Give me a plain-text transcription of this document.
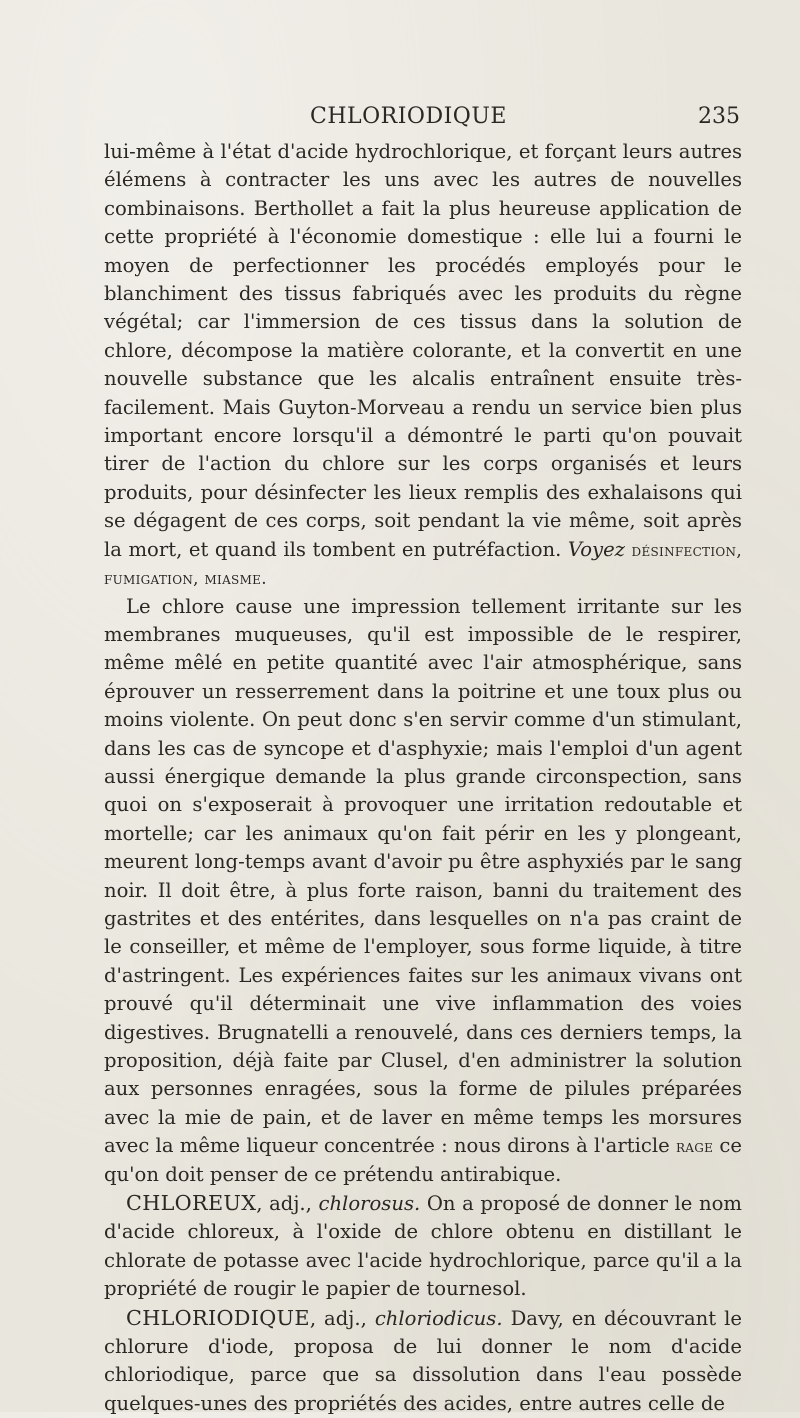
CHLORIODIQUE	235

lui-même à l'état d'acide hydrochlorique, et forçant leurs autres élémens à contracter les uns avec les autres de nouvelles combinaisons. Berthollet a fait la plus heureuse application de cette propriété à l'économie domestique : elle lui a fourni le moyen de perfectionner les procédés employés pour le blanchiment des tissus fabriqués avec les produits du règne végétal; car l'immersion de ces tissus dans la solution de chlore, décompose la matière colorante, et la convertit en une nouvelle substance que les alcalis entraînent ensuite très-facilement. Mais Guyton-Morveau a rendu un service bien plus important encore lorsqu'il a démontré le parti qu'on pouvait tirer de l'action du chlore sur les corps organisés et leurs produits, pour désinfecter les lieux remplis des exhalaisons qui se dégagent de ces corps, soit pendant la vie même, soit après la mort, et quand ils tombent en putréfaction. Voyez désinfection, fumigation, miasme.

Le chlore cause une impression tellement irritante sur les membranes muqueuses, qu'il est impossible de le respirer, même mêlé en petite quantité avec l'air atmosphérique, sans éprouver un resserrement dans la poitrine et une toux plus ou moins violente. On peut donc s'en servir comme d'un stimulant, dans les cas de syncope et d'asphyxie; mais l'emploi d'un agent aussi énergique demande la plus grande circonspection, sans quoi on s'exposerait à provoquer une irritation redoutable et mortelle; car les animaux qu'on fait périr en les y plongeant, meurent long-temps avant d'avoir pu être asphyxiés par le sang noir. Il doit être, à plus forte raison, banni du traitement des gastrites et des entérites, dans lesquelles on n'a pas craint de le conseiller, et même de l'employer, sous forme liquide, à titre d'astringent. Les expériences faites sur les animaux vivans ont prouvé qu'il déterminait une vive inflammation des voies digestives. Brugnatelli a renouvelé, dans ces derniers temps, la proposition, déjà faite par Clusel, d'en administrer la solution aux personnes enragées, sous la forme de pilules préparées avec la mie de pain, et de laver en même temps les morsures avec la même liqueur concentrée : nous dirons à l'article rage ce qu'on doit penser de ce prétendu antirabique.

CHLOREUX, adj., chlorosus. On a proposé de donner le nom d'acide chloreux, à l'oxide de chlore obtenu en distillant le chlorate de potasse avec l'acide hydrochlorique, parce qu'il a la propriété de rougir le papier de tournesol.

CHLORIODIQUE, adj., chloriodicus. Davy, en découvrant le chlorure d'iode, proposa de lui donner le nom d'acide chloriodique, parce que sa dissolution dans l'eau possède quelques-unes des propriétés des acides, entre autres celle de
